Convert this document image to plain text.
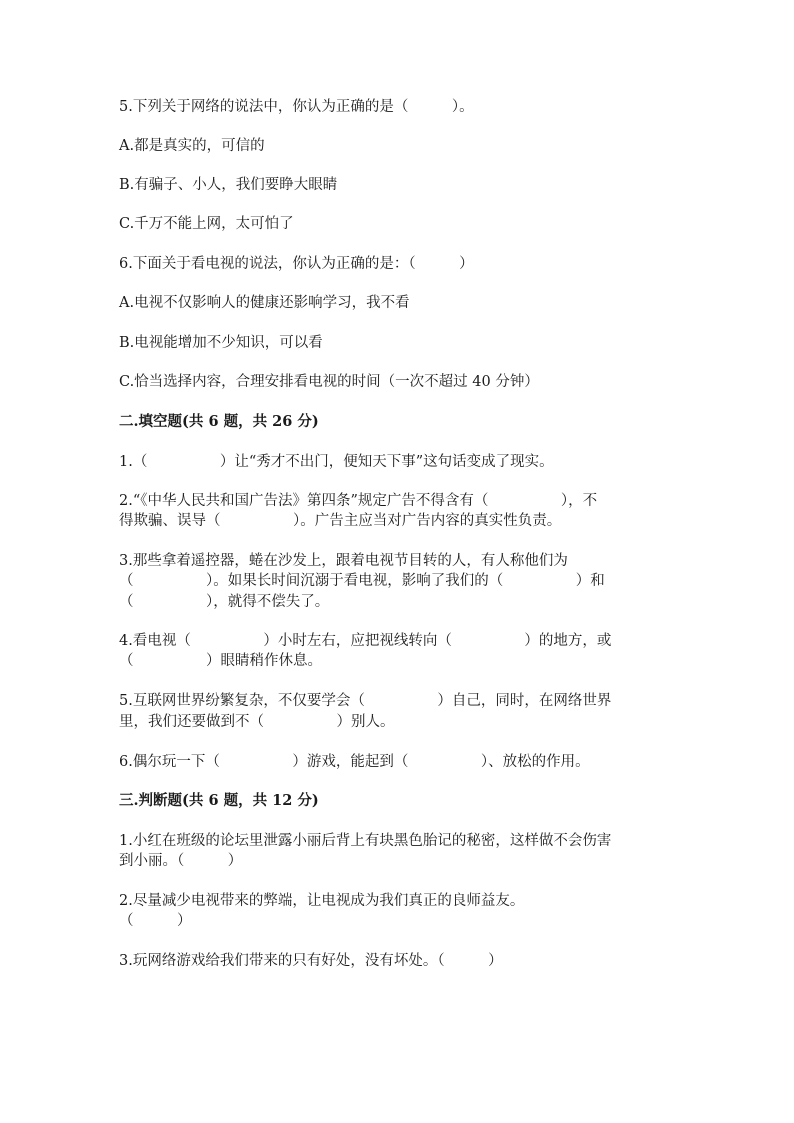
5.下列关于网络的说法中，你认为正确的是（　　　）。

A.都是真实的，可信的

B.有骗子、小人，我们要睁大眼睛

C.千万不能上网，太可怕了

6.下面关于看电视的说法，你认为正确的是：（　　　）

A.电视不仅影响人的健康还影响学习，我不看

B.电视能增加不少知识，可以看

C.恰当选择内容，合理安排看电视的时间（一次不超过 40 分钟）

二.填空题(共 6 题，共 26 分)

1.（　　　　　）让“秀才不出门，便知天下事”这句话变成了现实。

2.“《中华人民共和国广告法》第四条”规定广告不得含有（　　　　　），不

得欺骗、误导（　　　　　）。广告主应当对广告内容的真实性负责。

3.那些拿着遥控器，蜷在沙发上，跟着电视节目转的人，有人称他们为

（　　　　　）。如果长时间沉溺于看电视，影响了我们的（　　　　　）和

（　　　　　），就得不偿失了。

4.看电视（　　　　　）小时左右，应把视线转向（　　　　　）的地方，或

（　　　　　）眼睛稍作休息。

5.互联网世界纷繁复杂，不仅要学会（　　　　　）自己，同时，在网络世界

里，我们还要做到不（　　　　　）别人。

6.偶尔玩一下（　　　　　）游戏，能起到（　　　　　）、放松的作用。

三.判断题(共 6 题，共 12 分)

1.小红在班级的论坛里泄露小丽后背上有块黑色胎记的秘密，这样做不会伤害

到小丽。（　　　）

2.尽量减少电视带来的弊端，让电视成为我们真正的良师益友。

（　　　）

3.玩网络游戏给我们带来的只有好处，没有坏处。（　　　）
